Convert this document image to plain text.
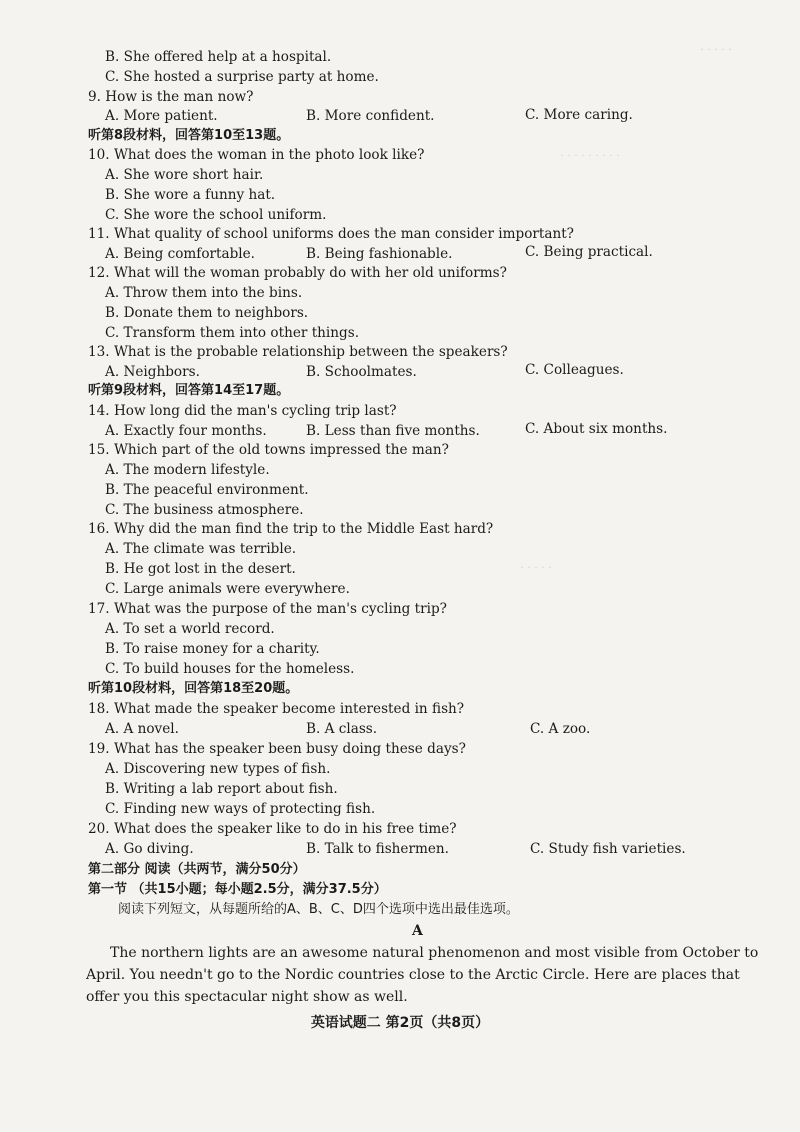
· · · · ·
· · · · · · · · ·
· · · · ·
B. She offered help at a hospital.
C. She hosted a surprise party at home.
9. How is the man now?
A. More patient.	B. More confident.	C. More caring.
听第8段材料，回答第10至13题。
10. What does the woman in the photo look like?
A. She wore short hair.
B. She wore a funny hat.
C. She wore the school uniform.
11. What quality of school uniforms does the man consider important?
A. Being comfortable.	B. Being fashionable.	C. Being practical.
12. What will the woman probably do with her old uniforms?
A. Throw them into the bins.
B. Donate them to neighbors.
C. Transform them into other things.
13. What is the probable relationship between the speakers?
A. Neighbors.	B. Schoolmates.	C. Colleagues.
听第9段材料，回答第14至17题。
14. How long did the man's cycling trip last?
A. Exactly four months.	B. Less than five months.	C. About six months.
15. Which part of the old towns impressed the man?
A. The modern lifestyle.
B. The peaceful environment.
C. The business atmosphere.
16. Why did the man find the trip to the Middle East hard?
A. The climate was terrible.
B. He got lost in the desert.
C. Large animals were everywhere.
17. What was the purpose of the man's cycling trip?
A. To set a world record.
B. To raise money for a charity.
C. To build houses for the homeless.
听第10段材料，回答第18至20题。
18. What made the speaker become interested in fish?
A. A novel.	B. A class.	C. A zoo.
19. What has the speaker been busy doing these days?
A. Discovering new types of fish.
B. Writing a lab report about fish.
C. Finding new ways of protecting fish.
20. What does the speaker like to do in his free time?
A. Go diving.	B. Talk to fishermen.	C. Study fish varieties.
第二部分 阅读（共两节，满分50分）
第一节 （共15小题；每小题2.5分，满分37.5分）
阅读下列短文，从每题所给的A、B、C、D四个选项中选出最佳选项。
A
The northern lights are an awesome natural phenomenon and most visible from October to April. You needn't go to the Nordic countries close to the Arctic Circle. Here are places that offer you this spectacular night show as well.
英语试题二 第2页（共8页）
